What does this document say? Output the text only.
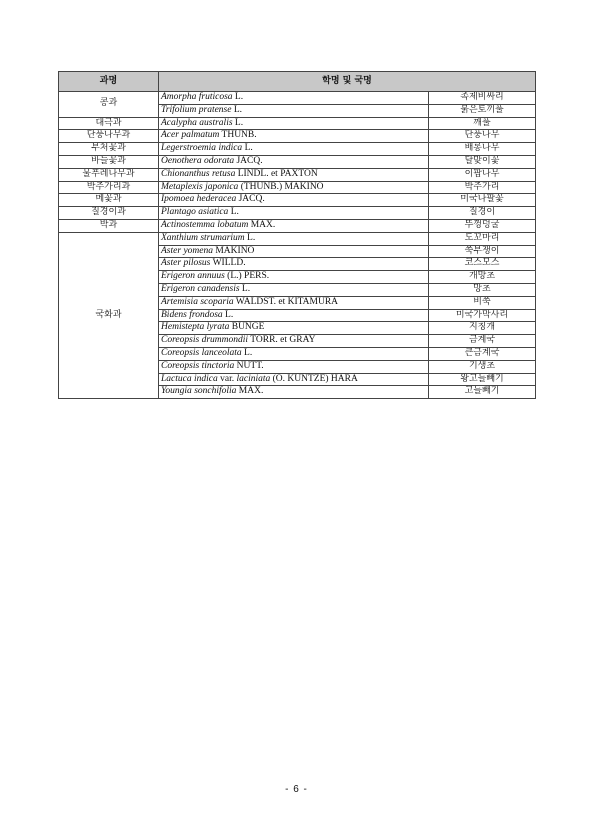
과명	학명 및 국명	
콩과	Amorpha fruticosa L.	족제비싸리
	Trifolium pratense L.	붉은토끼풀
대극과	Acalypha australis L.	깨풀
단풍나무과	Acer palmatum THUNB.	단풍나무
부처꽃과	Legerstroemia indica L.	배롱나무
바늘꽃과	Oenothera odorata JACQ.	달맞이꽃
물푸레나무과	Chionanthus retusa LINDL. et PAXTON	이팝나무
박주가리과	Metaplexis japonica (THUNB.) MAKINO	박주가리
메꽃과	Ipomoea hederacea JACQ.	미국나팔꽃
질경이과	Plantago asiatica L.	질경이
박과	Actinostemma lobatum MAX.	뚜껑덩굴
국화과	Xanthium strumarium L.	도꼬마리
	Aster yomena MAKINO	쑥부쟁이
	Aster pilosus WILLD.	코스모스
	Erigeron annuus (L.) PERS.	개망초
	Erigeron canadensis L.	망초
	Artemisia scoparia WALDST. et KITAMURA	비쑥
	Bidens frondosa L.	미국가막사리
	Hemistepta lyrata BUNGE	지칭개
	Coreopsis drummondii TORR. et GRAY	금계국
	Coreopsis lanceolata L.	큰금계국
	Coreopsis tinctoria NUTT.	기생초
	Lactuca indica var. laciniata (O. KUNTZE) HARA	왕고들빼기
	Youngia sonchifolia MAX.	고들빼기
- 6 -
